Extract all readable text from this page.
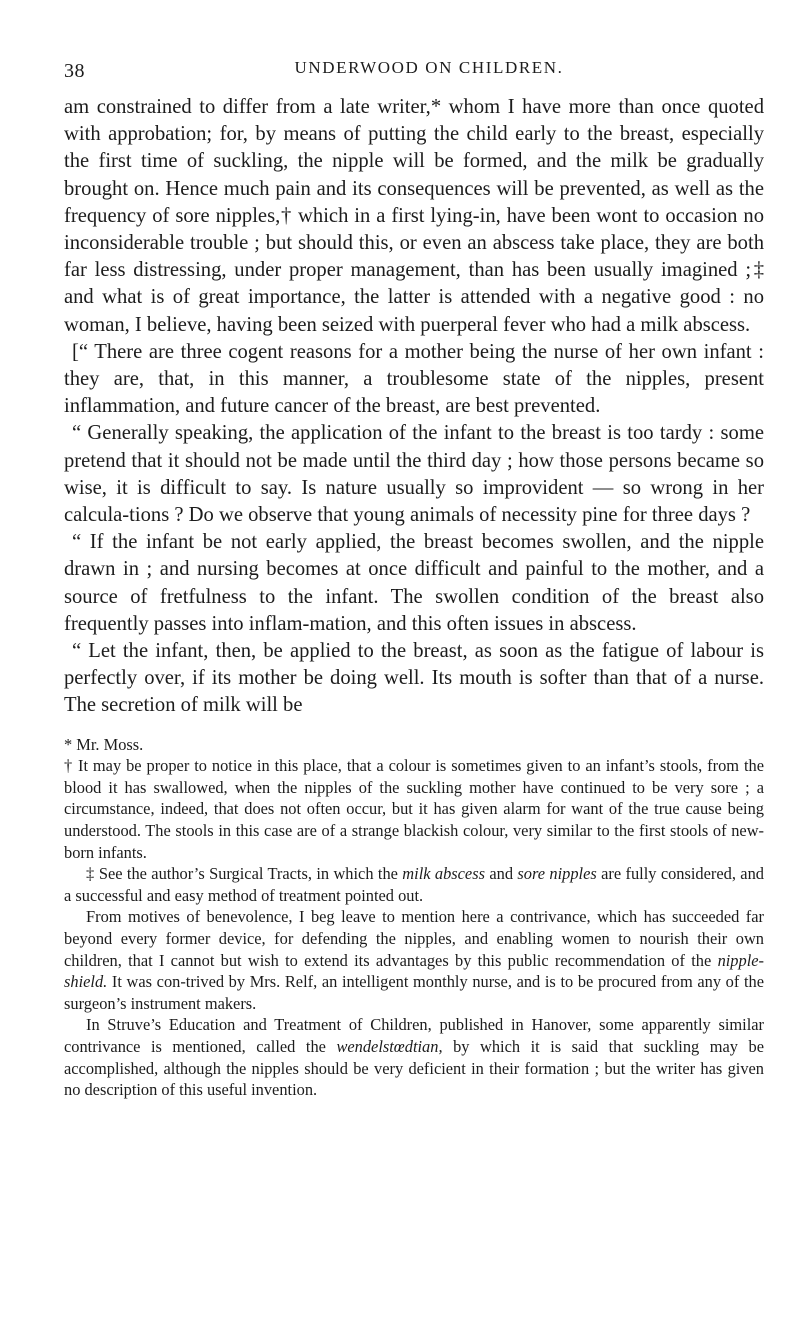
38	UNDERWOOD ON CHILDREN.

am constrained to differ from a late writer,* whom I have more than once quoted with approbation; for, by means of putting the child early to the breast, especially the first time of suckling, the nipple will be formed, and the milk be gradually brought on. Hence much pain and its consequences will be prevented, as well as the frequency of sore nipples,† which in a first lying-in, have been wont to occasion no inconsiderable trouble ; but should this, or even an abscess take place, they are both far less distressing, under proper management, than has been usually imagined ;‡ and what is of great importance, the latter is attended with a negative good : no woman, I believe, having been seized with puerperal fever who had a milk abscess.

[“ There are three cogent reasons for a mother being the nurse of her own infant : they are, that, in this manner, a troublesome state of the nipples, present inflammation, and future cancer of the breast, are best prevented.

“ Generally speaking, the application of the infant to the breast is too tardy : some pretend that it should not be made until the third day ; how those persons became so wise, it is difficult to say. Is nature usually so improvident — so wrong in her calcula-tions ? Do we observe that young animals of necessity pine for three days ?

“ If the infant be not early applied, the breast becomes swollen, and the nipple drawn in ; and nursing becomes at once difficult and painful to the mother, and a source of fretfulness to the infant. The swollen condition of the breast also frequently passes into inflam-mation, and this often issues in abscess.

“ Let the infant, then, be applied to the breast, as soon as the fatigue of labour is perfectly over, if its mother be doing well. Its mouth is softer than that of a nurse. The secretion of milk will be

* Mr. Moss.

† It may be proper to notice in this place, that a colour is sometimes given to an infant’s stools, from the blood it has swallowed, when the nipples of the suckling mother have continued to be very sore ; a circumstance, indeed, that does not often occur, but it has given alarm for want of the true cause being understood. The stools in this case are of a strange blackish colour, very similar to the first stools of new-born infants.

‡ See the author’s Surgical Tracts, in which the milk abscess and sore nipples are fully considered, and a successful and easy method of treatment pointed out.

From motives of benevolence, I beg leave to mention here a contrivance, which has succeeded far beyond every former device, for defending the nipples, and enabling women to nourish their own children, that I cannot but wish to extend its advantages by this public recommendation of the nipple-shield. It was con-trived by Mrs. Relf, an intelligent monthly nurse, and is to be procured from any of the surgeon’s instrument makers.

In Struve’s Education and Treatment of Children, published in Hanover, some apparently similar contrivance is mentioned, called the wendelstœdtian, by which it is said that suckling may be accomplished, although the nipples should be very deficient in their formation ; but the writer has given no description of this useful invention.
